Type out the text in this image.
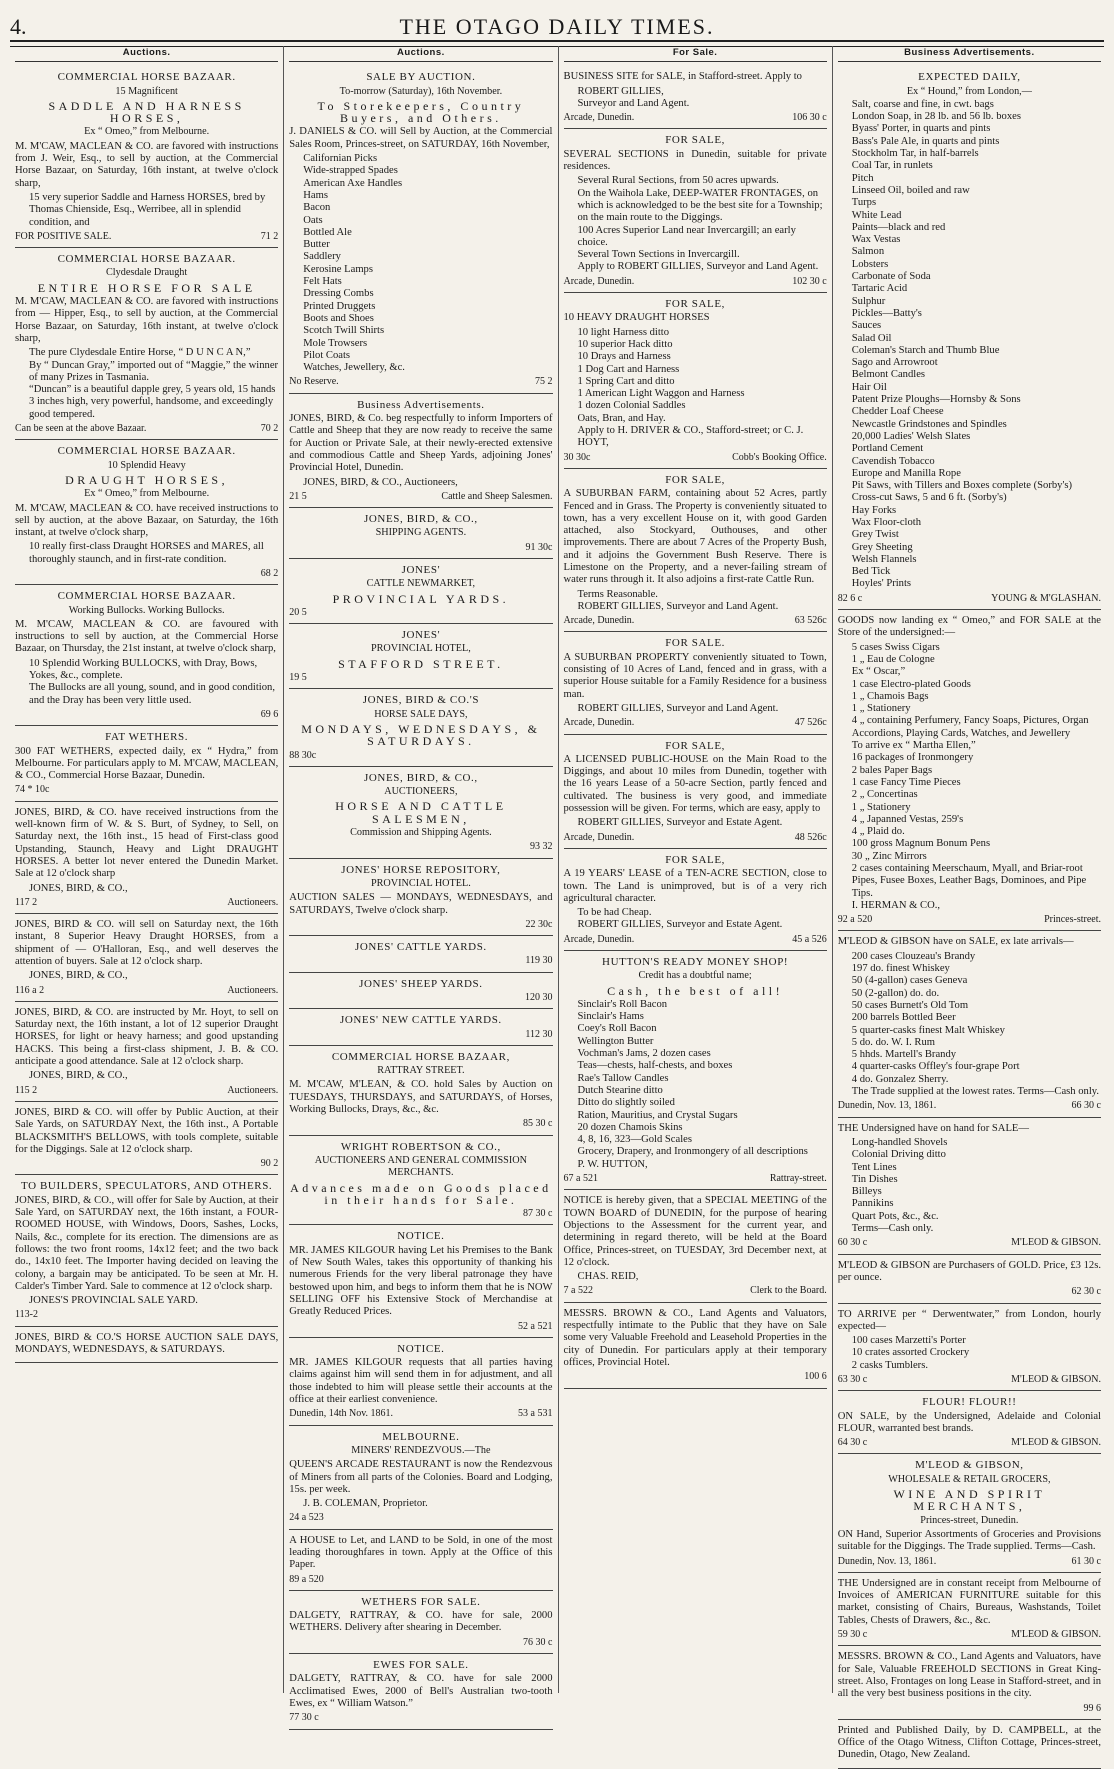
4.	THE OTAGO DAILY TIMES.
Auctions.
COMMERCIAL HORSE BAZAAR.
15 Magnificent
SADDLE AND HARNESS HORSES,
Ex “ Omeo,” from Melbourne.
M. M'CAW, MACLEAN & CO. are favored with instructions from J. Weir, Esq., to sell by auction, at the Commercial Horse Bazaar, on Saturday, 16th instant, at twelve o'clock sharp,
15 very superior Saddle and Harness HORSES, bred by Thomas Chienside, Esq., Werribee, all in splendid condition, and
FOR POSITIVE SALE.	71 2
COMMERCIAL HORSE BAZAAR.
Clydesdale Draught
ENTIRE HORSE FOR SALE
M. M'CAW, MACLEAN & CO. are favored with instructions from — Hipper, Esq., to sell by auction, at the Commercial Horse Bazaar, on Saturday, 16th instant, at twelve o'clock sharp,
The pure Clydesdale Entire Horse, “ D U N C A N,”
By “ Duncan Gray,” imported out of “Maggie,” the winner of many Prizes in Tasmania.
“Duncan” is a beautiful dapple grey, 5 years old, 15 hands 3 inches high, very powerful, handsome, and exceedingly good tempered.
Can be seen at the above Bazaar.	70 2
COMMERCIAL HORSE BAZAAR.
10 Splendid Heavy
DRAUGHT HORSES,
Ex “ Omeo,” from Melbourne.
M. M'CAW, MACLEAN & CO. have received instructions to sell by auction, at the above Bazaar, on Saturday, the 16th instant, at twelve o'clock sharp,
10 really first-class Draught HORSES and MARES, all thoroughly staunch, and in first-rate condition.
68 2
COMMERCIAL HORSE BAZAAR.
Working Bullocks. Working Bullocks.
M. M'CAW, MACLEAN & CO. are favoured with instructions to sell by auction, at the Commercial Horse Bazaar, on Thursday, the 21st instant, at twelve o'clock sharp,
10 Splendid Working BULLOCKS, with Dray, Bows, Yokes, &c., complete.
The Bullocks are all young, sound, and in good condition, and the Dray has been very little used.
69 6
FAT WETHERS.
300 FAT WETHERS, expected daily, ex “ Hydra,” from Melbourne. For particulars apply to M. M'CAW, MACLEAN, & CO., Commercial Horse Bazaar, Dunedin.
74 * 10c
JONES, BIRD, & CO. have received instructions from the well-known firm of W. & S. Burt, of Sydney, to Sell, on Saturday next, the 16th inst., 15 head of First-class good Upstanding, Staunch, Heavy and Light DRAUGHT HORSES. A better lot never entered the Dunedin Market. Sale at 12 o'clock sharp
JONES, BIRD, & CO.,
117 2	Auctioneers.
JONES, BIRD & CO. will sell on Saturday next, the 16th instant, 8 Superior Heavy Draught HORSES, from a shipment of — O'Halloran, Esq., and well deserves the attention of buyers. Sale at 12 o'clock sharp.
JONES, BIRD, & CO.,
116 a 2	Auctioneers.
JONES, BIRD, & CO. are instructed by Mr. Hoyt, to sell on Saturday next, the 16th instant, a lot of 12 superior Draught HORSES, for light or heavy harness; and good upstanding HACKS. This being a first-class shipment, J. B. & CO. anticipate a good attendance. Sale at 12 o'clock sharp.
JONES, BIRD, & CO.,
115 2	Auctioneers.
JONES, BIRD & CO. will offer by Public Auction, at their Sale Yards, on SATURDAY Next, the 16th inst., A Portable BLACKSMITH'S BELLOWS, with tools complete, suitable for the Diggings. Sale at 12 o'clock sharp.
90 2
TO BUILDERS, SPECULATORS, AND OTHERS.
JONES, BIRD, & CO., will offer for Sale by Auction, at their Sale Yard, on SATURDAY next, the 16th instant, a FOUR-ROOMED HOUSE, with Windows, Doors, Sashes, Locks, Nails, &c., complete for its erection. The dimensions are as follows: the two front rooms, 14x12 feet; and the two back do., 14x10 feet. The Importer having decided on leaving the colony, a bargain may be anticipated. To be seen at Mr. H. Calder's Timber Yard. Sale to commence at 12 o'clock sharp.
JONES'S PROVINCIAL SALE YARD.
113-2
JONES, BIRD & CO.'S HORSE AUCTION SALE DAYS, MONDAYS, WEDNESDAYS, & SATURDAYS.
Auctions.
SALE BY AUCTION.
To-morrow (Saturday), 16th November.
To Storekeepers, Country Buyers, and Others.
J. DANIELS & CO. will Sell by Auction, at the Commercial Sales Room, Princes-street, on SATURDAY, 16th November,
Californian Picks
Wide-strapped Spades
American Axe Handles
Hams
Bacon
Oats
Bottled Ale
Butter
Saddlery
Kerosine Lamps
Felt Hats
Dressing Combs
Printed Druggets
Boots and Shoes
Scotch Twill Shirts
Mole Trowsers
Pilot Coats
Watches, Jewellery, &c.
No Reserve.	75 2
Business Advertisements.
JONES, BIRD, & Co. beg respectfully to inform Importers of Cattle and Sheep that they are now ready to receive the same for Auction or Private Sale, at their newly-erected extensive and commodious Cattle and Sheep Yards, adjoining Jones' Provincial Hotel, Dunedin.
JONES, BIRD, & CO., Auctioneers,
21 5	Cattle and Sheep Salesmen.
JONES, BIRD, & CO.,
SHIPPING AGENTS.
91 30c
JONES'
CATTLE NEWMARKET,
PROVINCIAL YARDS.
20 5
JONES'
PROVINCIAL HOTEL,
STAFFORD STREET.
19 5
JONES, BIRD & CO.'S
HORSE SALE DAYS,
MONDAYS, WEDNESDAYS, & SATURDAYS.
88 30c
JONES, BIRD, & CO.,
AUCTIONEERS,
HORSE AND CATTLE SALESMEN,
Commission and Shipping Agents.
93 32
JONES' HORSE REPOSITORY,
PROVINCIAL HOTEL.
AUCTION SALES — MONDAYS, WEDNESDAYS, and SATURDAYS, Twelve o'clock sharp.
22 30c
JONES' CATTLE YARDS.
119 30
JONES' SHEEP YARDS.
120 30
JONES' NEW CATTLE YARDS.
112 30
COMMERCIAL HORSE BAZAAR,
RATTRAY STREET.
M. M'CAW, M'LEAN, & CO. hold Sales by Auction on TUESDAYS, THURSDAYS, and SATURDAYS, of Horses, Working Bullocks, Drays, &c., &c.
85 30 c
WRIGHT ROBERTSON & CO.,
AUCTIONEERS AND GENERAL COMMISSION MERCHANTS.
Advances made on Goods placed in their hands for Sale.
87 30 c
NOTICE.
MR. JAMES KILGOUR having Let his Premises to the Bank of New South Wales, takes this opportunity of thanking his numerous Friends for the very liberal patronage they have bestowed upon him, and begs to inform them that he is NOW SELLING OFF his Extensive Stock of Merchandise at Greatly Reduced Prices.
52 a 521
NOTICE.
MR. JAMES KILGOUR requests that all parties having claims against him will send them in for adjustment, and all those indebted to him will please settle their accounts at the office at their earliest convenience.
Dunedin, 14th Nov. 1861.	53 a 531
MELBOURNE.
MINERS' RENDEZVOUS.—The
QUEEN'S ARCADE RESTAURANT is now the Rendezvous of Miners from all parts of the Colonies. Board and Lodging, 15s. per week.
J. B. COLEMAN, Proprietor.
24 a 523
A HOUSE to Let, and LAND to be Sold, in one of the most leading thoroughfares in town. Apply at the Office of this Paper.
89 a 520
WETHERS FOR SALE.
DALGETY, RATTRAY, & CO. have for sale, 2000 WETHERS. Delivery after shearing in December.
76 30 c
EWES FOR SALE.
DALGETY, RATTRAY, & CO. have for sale 2000 Acclimatised Ewes, 2000 of Bell's Australian two-tooth Ewes, ex “ William Watson.”
77 30 c
For Sale.
BUSINESS SITE for SALE, in Stafford-street. Apply to
ROBERT GILLIES,
Surveyor and Land Agent.
Arcade, Dunedin.	106 30 c
FOR SALE,
SEVERAL SECTIONS in Dunedin, suitable for private residences.
Several Rural Sections, from 50 acres upwards.
On the Waihola Lake, DEEP-WATER FRONTAGES, on which is acknowledged to be the best site for a Township; on the main route to the Diggings.
100 Acres Superior Land near Invercargill; an early choice.
Several Town Sections in Invercargill.
Apply to ROBERT GILLIES, Surveyor and Land Agent.
Arcade, Dunedin.	102 30 c
FOR SALE,
10 HEAVY DRAUGHT HORSES
10 light Harness ditto
10 superior Hack ditto
10 Drays and Harness
1 Dog Cart and Harness
1 Spring Cart and ditto
1 American Light Waggon and Harness
1 dozen Colonial Saddles
Oats, Bran, and Hay.
Apply to H. DRIVER & CO., Stafford-street; or C. J. HOYT,
30 30c	Cobb's Booking Office.
FOR SALE,
A SUBURBAN FARM, containing about 52 Acres, partly Fenced and in Grass. The Property is conveniently situated to town, has a very excellent House on it, with good Garden attached, also Stockyard, Outhouses, and other improvements. There are about 7 Acres of the Property Bush, and it adjoins the Government Bush Reserve. There is Limestone on the Property, and a never-failing stream of water runs through it. It also adjoins a first-rate Cattle Run.
Terms Reasonable.
ROBERT GILLIES, Surveyor and Land Agent.
Arcade, Dunedin.	63 526c
FOR SALE.
A SUBURBAN PROPERTY conveniently situated to Town, consisting of 10 Acres of Land, fenced and in grass, with a superior House suitable for a Family Residence for a business man.
ROBERT GILLIES, Surveyor and Land Agent.
Arcade, Dunedin.	47 526c
FOR SALE,
A LICENSED PUBLIC-HOUSE on the Main Road to the Diggings, and about 10 miles from Dunedin, together with the 16 years Lease of a 50-acre Section, partly fenced and cultivated. The business is very good, and immediate possession will be given. For terms, which are easy, apply to
ROBERT GILLIES, Surveyor and Estate Agent.
Arcade, Dunedin.	48 526c
FOR SALE,
A 19 YEARS' LEASE of a TEN-ACRE SECTION, close to town. The Land is unimproved, but is of a very rich agricultural character.
To be had Cheap.
ROBERT GILLIES, Surveyor and Estate Agent.
Arcade, Dunedin.	45 a 526
HUTTON'S READY MONEY SHOP!
Credit has a doubtful name;
Cash, the best of all!
Sinclair's Roll Bacon
Sinclair's Hams
Coey's Roll Bacon
Wellington Butter
Vochman's Jams, 2 dozen cases
Teas—chests, half-chests, and boxes
Rae's Tallow Candles
Dutch Stearine ditto
Ditto do slightly soiled
Ration, Mauritius, and Crystal Sugars
20 dozen Chamois Skins
4, 8, 16, 323—Gold Scales
Grocery, Drapery, and Ironmongery of all descriptions
P. W. HUTTON,
67 a 521	Rattray-street.
NOTICE is hereby given, that a SPECIAL MEETING of the TOWN BOARD of DUNEDIN, for the purpose of hearing Objections to the Assessment for the current year, and determining in regard thereto, will be held at the Board Office, Princes-street, on TUESDAY, 3rd December next, at 12 o'clock.
CHAS. REID,
7 a 522	Clerk to the Board.
MESSRS. BROWN & CO., Land Agents and Valuators, respectfully intimate to the Public that they have on Sale some very Valuable Freehold and Leasehold Properties in the city of Dunedin. For particulars apply at their temporary offices, Provincial Hotel.
100 6
Business Advertisements.
EXPECTED DAILY,
Ex “ Hound,” from London,—
Salt, coarse and fine, in cwt. bags
London Soap, in 28 lb. and 56 lb. boxes
Byass' Porter, in quarts and pints
Bass's Pale Ale, in quarts and pints
Stockholm Tar, in half-barrels
Coal Tar, in runlets
Pitch
Linseed Oil, boiled and raw
Turps
White Lead
Paints—black and red
Wax Vestas
Salmon
Lobsters
Carbonate of Soda
Tartaric Acid
Sulphur
Pickles—Batty's
Sauces
Salad Oil
Coleman's Starch and Thumb Blue
Sago and Arrowroot
Belmont Candles
Hair Oil
Patent Prize Ploughs—Hornsby & Sons
Chedder Loaf Cheese
Newcastle Grindstones and Spindles
20,000 Ladies' Welsh Slates
Portland Cement
Cavendish Tobacco
Europe and Manilla Rope
Pit Saws, with Tillers and Boxes complete (Sorby's)
Cross-cut Saws, 5 and 6 ft. (Sorby's)
Hay Forks
Wax Floor-cloth
Grey Twist
Grey Sheeting
Welsh Flannels
Bed Tick
Hoyles' Prints
82 6 c	YOUNG & M'GLASHAN.
GOODS now landing ex “ Omeo,” and FOR SALE at the Store of the undersigned:—
5 cases Swiss Cigars
1 „ Eau de Cologne
Ex “ Oscar,”
1 case Electro-plated Goods
1 „ Chamois Bags
1 „ Stationery
4 „ containing Perfumery, Fancy Soaps, Pictures, Organ Accordions, Playing Cards, Watches, and Jewellery
To arrive ex “ Martha Ellen,”
16 packages of Ironmongery
2 bales Paper Bags
1 case Fancy Time Pieces
2 „ Concertinas
1 „ Stationery
4 „ Japanned Vestas, 259's
4 „ Plaid do.
100 gross Magnum Bonum Pens
30 „ Zinc Mirrors
2 cases containing Meerschaum, Myall, and Briar-root Pipes, Fusee Boxes, Leather Bags, Dominoes, and Pipe Tips.
I. HERMAN & CO.,
92 a 520	Princes-street.
M'LEOD & GIBSON have on SALE, ex late arrivals—
200 cases Clouzeau's Brandy
197 do. finest Whiskey
50 (4-gallon) cases Geneva
50 (2-gallon) do. do.
50 cases Burnett's Old Tom
200 barrels Bottled Beer
5 quarter-casks finest Malt Whiskey
5 do. do. W. I. Rum
5 hhds. Martell's Brandy
4 quarter-casks Offley's four-grape Port
4 do. Gonzalez Sherry.
The Trade supplied at the lowest rates. Terms—Cash only.
Dunedin, Nov. 13, 1861.	66 30 c
THE Undersigned have on hand for SALE—
Long-handled Shovels
Colonial Driving ditto
Tent Lines
Tin Dishes
Billeys
Pannikins
Quart Pots, &c., &c.
Terms—Cash only.
60 30 c	M'LEOD & GIBSON.
M'LEOD & GIBSON are Purchasers of GOLD. Price, £3 12s. per ounce.
62 30 c
TO ARRIVE per “ Derwentwater,” from London, hourly expected—
100 cases Marzetti's Porter
10 crates assorted Crockery
2 casks Tumblers.
63 30 c	M'LEOD & GIBSON.
FLOUR! FLOUR!!
ON SALE, by the Undersigned, Adelaide and Colonial FLOUR, warranted best brands.
64 30 c	M'LEOD & GIBSON.
M'LEOD & GIBSON,
WHOLESALE & RETAIL GROCERS,
WINE AND SPIRIT MERCHANTS,
Princes-street, Dunedin.
ON Hand, Superior Assortments of Groceries and Provisions suitable for the Diggings. The Trade supplied. Terms—Cash.
Dunedin, Nov. 13, 1861.	61 30 c
THE Undersigned are in constant receipt from Melbourne of Invoices of AMERICAN FURNITURE suitable for this market, consisting of Chairs, Bureaus, Washstands, Toilet Tables, Chests of Drawers, &c., &c.
59 30 c	M'LEOD & GIBSON.
MESSRS. BROWN & CO., Land Agents and Valuators, have for Sale, Valuable FREEHOLD SECTIONS in Great King-street. Also, Frontages on long Lease in Stafford-street, and in all the very best business positions in the city.
99 6
Printed and Published Daily, by D. CAMPBELL, at the Office of the Otago Witness, Clifton Cottage, Princes-street, Dunedin, Otago, New Zealand.
